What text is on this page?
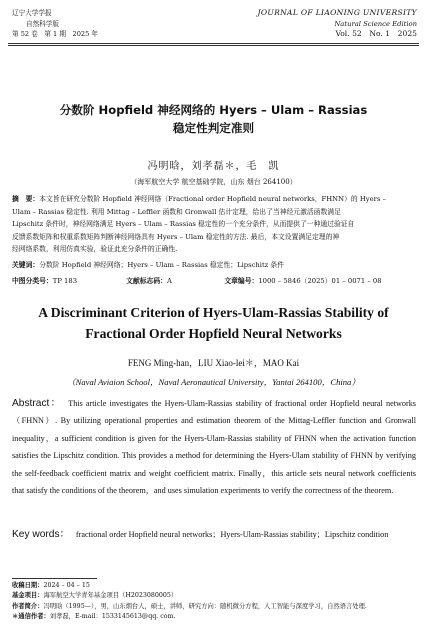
辽宁大学学报
自然科学版
第 52 卷　第 1 期　2025 年
JOURNAL OF LIAONING UNIVERSITY
Natural Science Edition
Vol. 52　No. 1　2025
分数阶 Hopfield 神经网络的 Hyers – Ulam – Rassias
稳定性判定准则
冯明晗，刘孝磊＊，毛　凯
（海军航空大学 航空基础学院，山东 烟台 264100）
摘　要：本文旨在研究分数阶 Hopfield 神经网络（Fractional order Hopfield neural networks，FHNN）的 Hyers –
Ulam – Rassias 稳定性. 利用 Mittag – Leffler 函数和 Gronwall 估计定理，给出了当神经元激活函数满足
Lipschitz 条件时，神经网络满足 Hyers – Ulam – Rassias 稳定性的一个充分条件，从而提供了一种通过验证自
反馈系数矩阵和权重系数矩阵判断神经网络具有 Hyers – Ulam 稳定性的方法. 最后，本文设置满足定理的神
经网络系数，利用仿真实验，验证此充分条件的正确性.
关键词：分数阶 Hopfield 神经网络；Hyers – Ulam – Rassias 稳定性；Lipschitz 条件
中图分类号：TP 183	文献标志码：A	文章编号：1000 – 5846（2025）01 – 0071 – 08
A Discriminant Criterion of Hyers-Ulam-Rassias Stability of
Fractional Order Hopfield Neural Networks
FENG Ming-han，LIU Xiao-lei＊，MAO Kai
（Naval Aviaion School，Naval Aeronautical University，Yantai 264100，China）
Abstract： This article investigates the Hyers-Ulam-Rassias stability of fractional order Hopfield neural networks（FHNN）. By utilizing operational properties and estimation theorem of the Mittag-Leffler function and Gronwall inequality，a sufficient condition is given for the Hyers-Ulam-Rassias stability of FHNN when the activation function satisfies the Lipschitz condition. This provides a method for determining the Hyers-Ulam stability of FHNN by verifying the self-feedback coefficient matrix and weight coefficient matrix. Finally，this article sets neural network coefficients that satisfy the conditions of the theorem，and uses simulation experiments to verify the correctness of the theorem.
Key words： fractional order Hopfield neural networks；Hyers-Ulam-Rassias stability；Lipschitz condition
收稿日期：2024 – 04 – 15
基金项目：海军航空大学青年基金项目（H2023080005）
作者简介：冯明晗（1995—），男，山东烟台人，硕士，讲师，研究方向：随机微分方程，人工智能与深度学习，自然语言处理.
＊通信作者：刘孝磊，E-mail：1533145613@qq. com.
